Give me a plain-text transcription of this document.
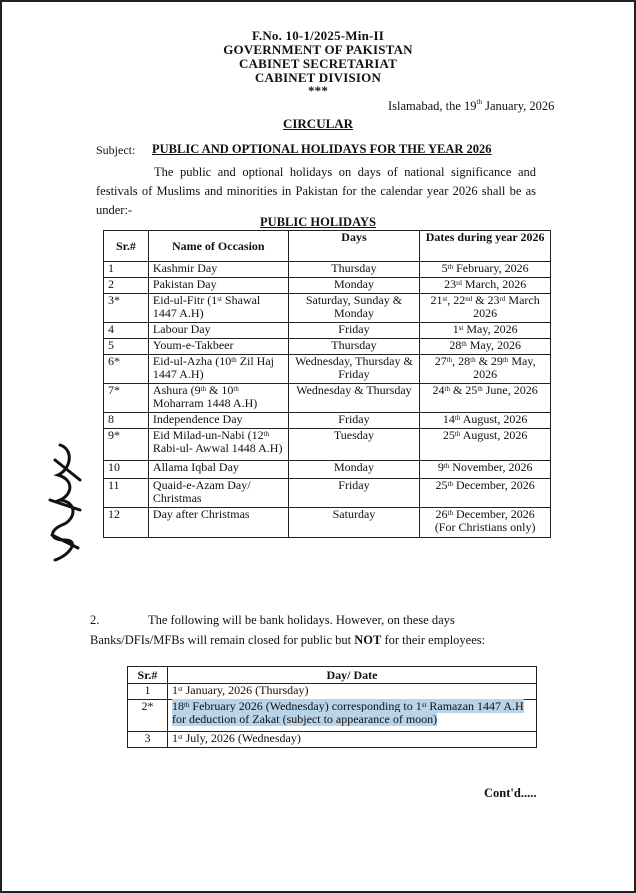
F.No. 10-1/2025-Min-II
GOVERNMENT OF PAKISTAN
CABINET SECRETARIAT
CABINET DIVISION
***
Islamabad, the 19th January, 2026
CIRCULAR
Subject: PUBLIC AND OPTIONAL HOLIDAYS FOR THE YEAR 2026
The public and optional holidays on days of national significance and festivals of Muslims and minorities in Pakistan for the calendar year 2026 shall be as under:-
PUBLIC HOLIDAYS
Sr.#	Name of Occasion	Days	Dates during year 2026
1	Kashmir Day	Thursday	5th February, 2026
2	Pakistan Day	Monday	23rd March, 2026
3*	Eid-ul-Fitr (1st Shawal 1447 A.H)	Saturday, Sunday & Monday	21st, 22nd & 23rd March 2026
4	Labour Day	Friday	1st May, 2026
5	Youm-e-Takbeer	Thursday	28th May, 2026
6*	Eid-ul-Azha (10th Zil Haj 1447 A.H)	Wednesday, Thursday & Friday	27th, 28th & 29th May, 2026
7*	Ashura (9th & 10th Moharram 1448 A.H)	Wednesday & Thursday	24th & 25th June, 2026
8	Independence Day	Friday	14th August, 2026
9*	Eid Milad-un-Nabi (12th Rabi-ul- Awwal 1448 A.H)	Tuesday	25th August, 2026
10	Allama Iqbal Day	Monday	9th November, 2026
11	Quaid-e-Azam Day/ Christmas	Friday	25th December, 2026
12	Day after Christmas	Saturday	26th December, 2026 (For Christians only)
2.	The following will be bank holidays. However, on these days Banks/DFIs/MFBs will remain closed for public but NOT for their employees:
Sr.#	Day/ Date
1	1st January, 2026 (Thursday)
2*	18th February 2026 (Wednesday) corresponding to 1st Ramazan 1447 A.H for deduction of Zakat (subject to appearance of moon)
3	1st July, 2026 (Wednesday)
Cont'd.....
